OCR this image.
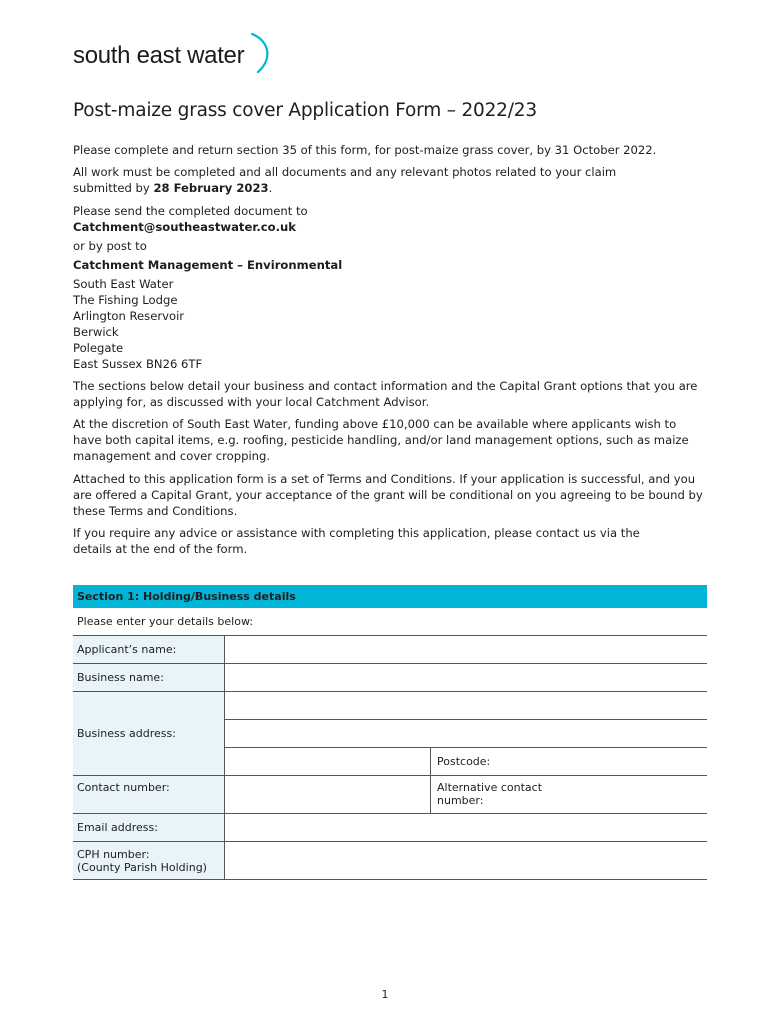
south east water
Post-maize grass cover Application Form – 2022/23

Please complete and return section 35 of this form, for post-maize grass cover, by 31 October 2022.

All work must be completed and all documents and any relevant photos related to your claim submitted by 28 February 2023.

Please send the completed document to
Catchment@southeastwater.co.uk
or by post to
Catchment Management – Environmental
South East Water
The Fishing Lodge
Arlington Reservoir
Berwick
Polegate
East Sussex BN26 6TF

The sections below detail your business and contact information and the Capital Grant options that you are applying for, as discussed with your local Catchment Advisor.

At the discretion of South East Water, funding above £10,000 can be available where applicants wish to have both capital items, e.g. roofing, pesticide handling, and/or land management options, such as maize management and cover cropping.

Attached to this application form is a set of Terms and Conditions. If your application is successful, and you are offered a Capital Grant, your acceptance of the grant will be conditional on you agreeing to be bound by these Terms and Conditions.

If you require any advice or assistance with completing this application, please contact us via the details at the end of the form.

Section 1: Holding/Business details
Please enter your details below:
Applicant’s name:
Business name:
Business address:
Postcode:
Contact number:	Alternative contact number:
Email address:
CPH number:
(County Parish Holding)
1
